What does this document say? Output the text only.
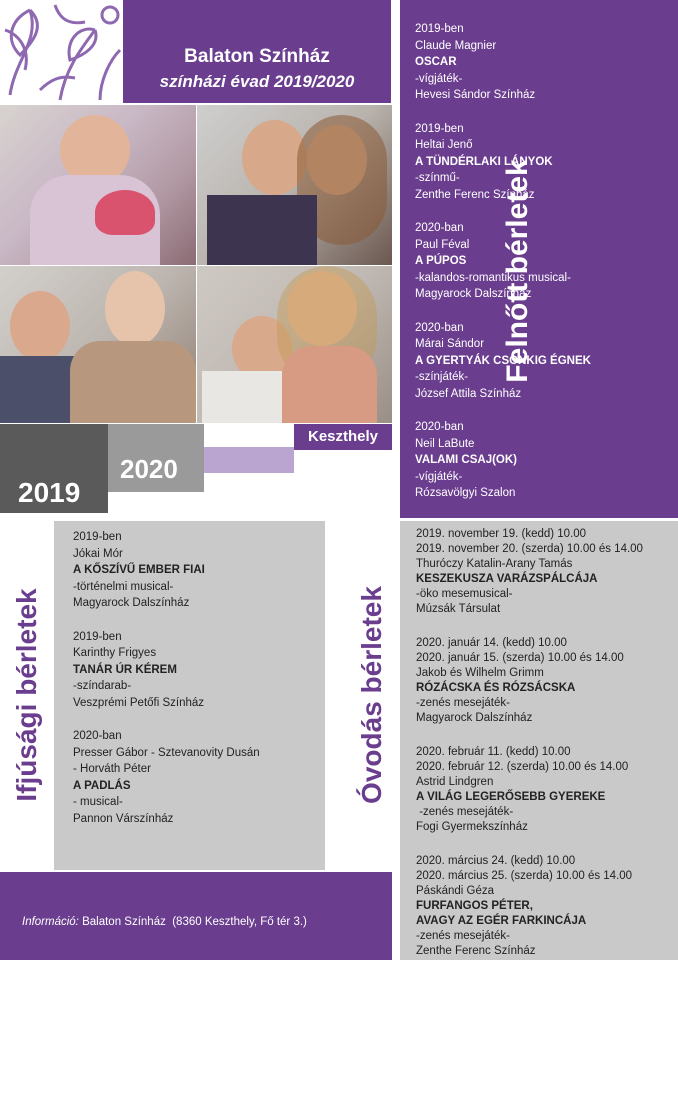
Balaton Színház
színházi évad 2019/2020
2019
2020
Keszthely
Felnőtt bérletek
2019-ben
Claude Magnier
OSCAR
-vígjáték-
Hevesi Sándor Színház
2019-ben
Heltai Jenő
A TÜNDÉRLAKI LÁNYOK
-színmű-
Zenthe Ferenc Színház
2020-ban
Paul Féval
A PÚPOS
-kalandos-romantikus musical-
Magyarock Dalszínház
2020-ban
Márai Sándor
A GYERTYÁK CSONKIG ÉGNEK
-színjáték-
József Attila Színház
2020-ban
Neil LaBute
VALAMI CSAJ(OK)
-vígjáték-
Rózsavölgyi Szalon
Ifjúsági bérletek
2019-ben
Jókai Mór
A KŐSZÍVŰ EMBER FIAI
-történelmi musical-
Magyarock Dalszínház
2019-ben
Karinthy Frigyes
TANÁR ÚR KÉREM
-színdarab-
Veszprémi Petőfi Színház
2020-ban
Presser Gábor - Sztevanovity Dusán
- Horváth Péter
A PADLÁS
- musical-
Pannon Várszínház
Óvodás bérletek
2019. november 19. (kedd) 10.00
2019. november 20. (szerda) 10.00 és 14.00
Thuróczy Katalin-Arany Tamás
KESZEKUSZA VARÁZSPÁLCÁJA
-öko mesemusical-
Múzsák Társulat
2020. január 14. (kedd) 10.00
2020. január 15. (szerda) 10.00 és 14.00
Jakob és Wilhelm Grimm
RÓZÁCSKA ÉS RÓZSÁCSKA
-zenés mesejáték-
Magyarock Dalszínház
2020. február 11. (kedd) 10.00
2020. február 12. (szerda) 10.00 és 14.00
Astrid Lindgren
A VILÁG LEGERŐSEBB GYEREKE
-zenés mesejáték-
Fogi Gyermekszínház
2020. március 24. (kedd) 10.00
2020. március 25. (szerda) 10.00 és 14.00
Páskándi Géza
FURFANGOS PÉTER,
AVAGY AZ EGÉR FARKINCÁJA
-zenés mesejáték-
Zenthe Ferenc Színház

Információ: Balaton Színház  (8360 Keszthely, Fő tér 3.)

Telefon: 83/515-230  Jegypénztár: 83/515-232

jegy@balatonszinhaz.hu  www.balatonszinhaz.hu

Bérletelőjegyzés: 83/515-232  Értékesítés: szeptember 4-től
